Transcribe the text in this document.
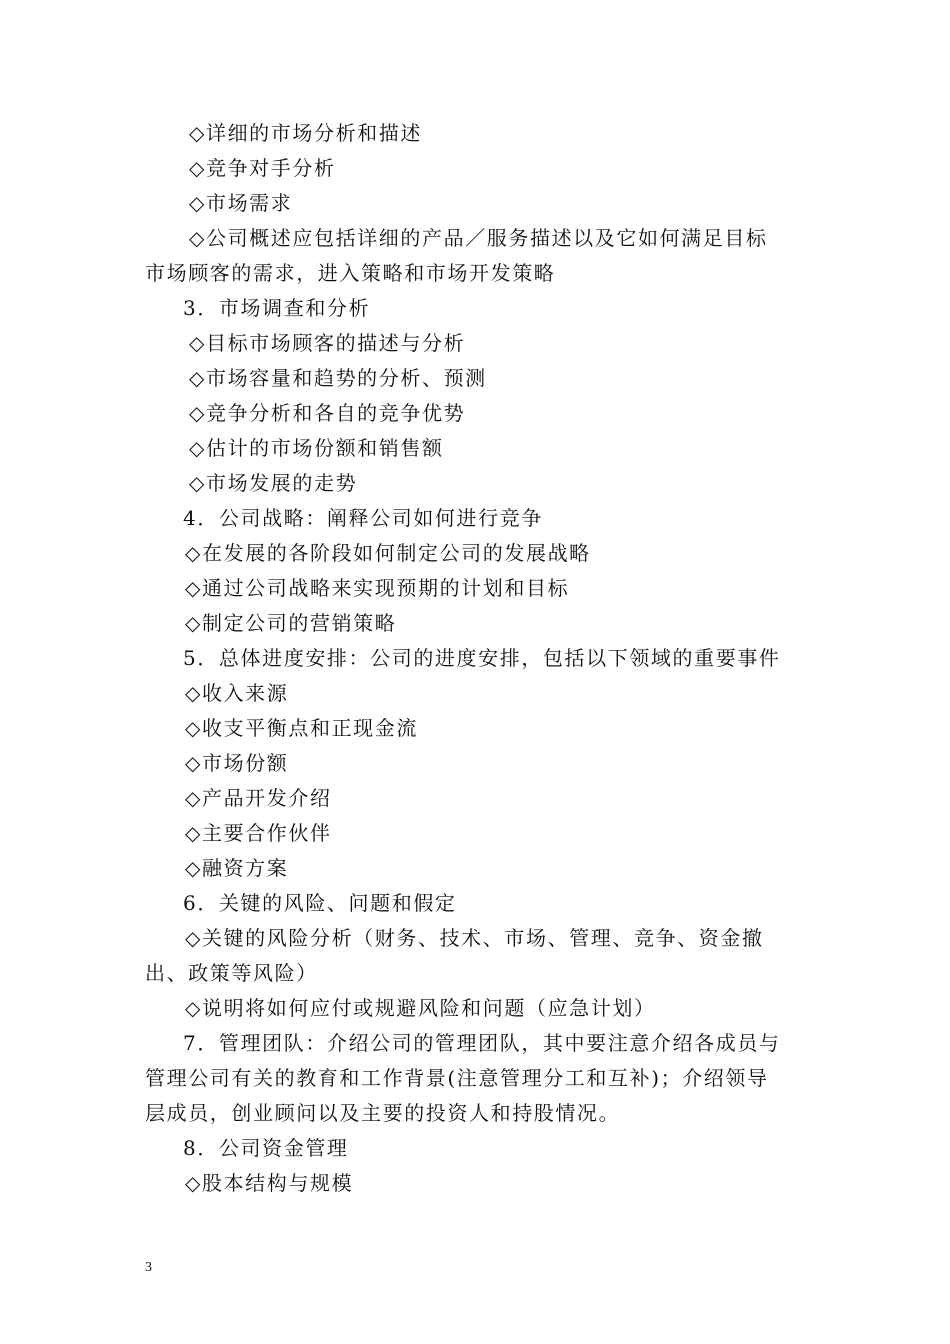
◇详细的市场分析和描述
◇竞争对手分析
◇市场需求
◇公司概述应包括详细的产品／服务描述以及它如何满足目标
市场顾客的需求，进入策略和市场开发策略
3．市场调查和分析
◇目标市场顾客的描述与分析
◇市场容量和趋势的分析、预测
◇竞争分析和各自的竞争优势
◇估计的市场份额和销售额
◇市场发展的走势
4．公司战略：阐释公司如何进行竞争
◇在发展的各阶段如何制定公司的发展战略
◇通过公司战略来实现预期的计划和目标
◇制定公司的营销策略
5．总体进度安排：公司的进度安排，包括以下领域的重要事件
◇收入来源
◇收支平衡点和正现金流
◇市场份额
◇产品开发介绍
◇主要合作伙伴
◇融资方案
6．关键的风险、问题和假定
◇关键的风险分析（财务、技术、市场、管理、竞争、资金撤
出、政策等风险）
◇说明将如何应付或规避风险和问题（应急计划）
7．管理团队：介绍公司的管理团队，其中要注意介绍各成员与
管理公司有关的教育和工作背景(注意管理分工和互补)；介绍领导
层成员，创业顾问以及主要的投资人和持股情况。
8．公司资金管理
◇股本结构与规模
3
